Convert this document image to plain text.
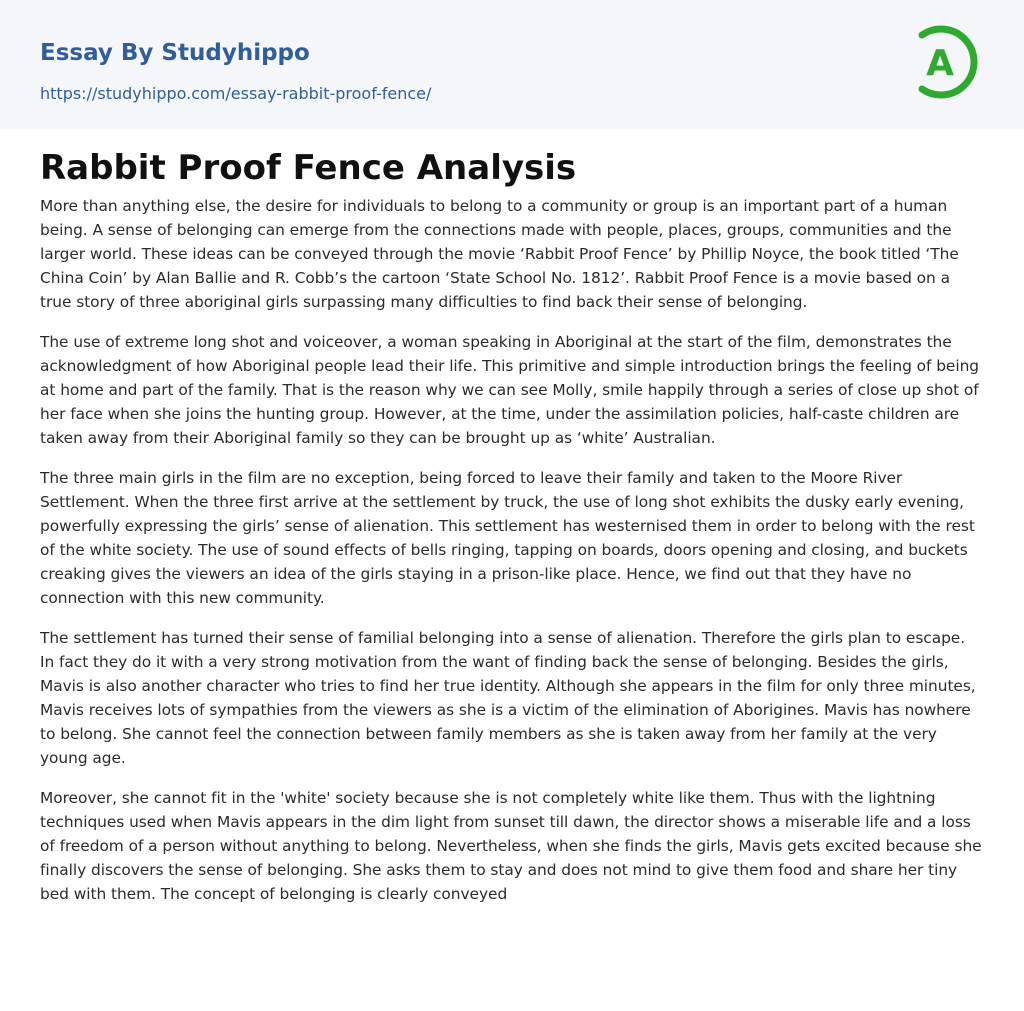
Essay By Studyhippo
https://studyhippo.com/essay-rabbit-proof-fence/
A
Rabbit Proof Fence Analysis

More than anything else, the desire for individuals to belong to a community or group is an important part of a human being. A sense of belonging can emerge from the connections made with people, places, groups, communities and the larger world. These ideas can be conveyed through the movie ‘Rabbit Proof Fence’ by Phillip Noyce, the book titled ‘The China Coin’ by Alan Ballie and R. Cobb’s the cartoon ‘State School No. 1812’. Rabbit Proof Fence is a movie based on a true story of three aboriginal girls surpassing many difficulties to find back their sense of belonging.

The use of extreme long shot and voiceover, a woman speaking in Aboriginal at the start of the film, demonstrates the acknowledgment of how Aboriginal people lead their life. This primitive and simple introduction brings the feeling of being at home and part of the family. That is the reason why we can see Molly, smile happily through a series of close up shot of her face when she joins the hunting group. However, at the time, under the assimilation policies, half-caste children are taken away from their Aboriginal family so they can be brought up as ‘white’ Australian.

The three main girls in the film are no exception, being forced to leave their family and taken to the Moore River Settlement. When the three first arrive at the settlement by truck, the use of long shot exhibits the dusky early evening, powerfully expressing the girls’ sense of alienation. This settlement has westernised them in order to belong with the rest of the white society. The use of sound effects of bells ringing, tapping on boards, doors opening and closing, and buckets creaking gives the viewers an idea of the girls staying in a prison-like place. Hence, we find out that they have no connection with this new community.

The settlement has turned their sense of familial belonging into a sense of alienation. Therefore the girls plan to escape. In fact they do it with a very strong motivation from the want of finding back the sense of belonging. Besides the girls, Mavis is also another character who tries to find her true identity. Although she appears in the film for only three minutes, Mavis receives lots of sympathies from the viewers as she is a victim of the elimination of Aborigines. Mavis has nowhere to belong. She cannot feel the connection between family members as she is taken away from her family at the very young age.

Moreover, she cannot fit in the 'white' society because she is not completely white like them. Thus with the lightning techniques used when Mavis appears in the dim light from sunset till dawn, the director shows a miserable life and a loss of freedom of a person without anything to belong. Nevertheless, when she finds the girls, Mavis gets excited because she finally discovers the sense of belonging. She asks them to stay and does not mind to give them food and share her tiny bed with them. The concept of belonging is clearly conveyed
